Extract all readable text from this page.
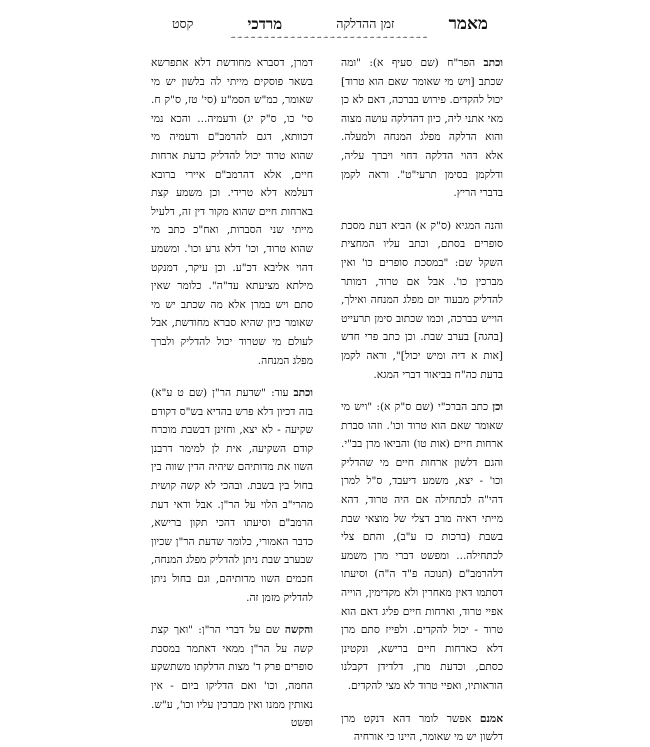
מאמר
זמן ההדלקה
מרדכי
קסט
ܚ ܚ ܚ ܚ ܚ ܚ ܚ ܚ ܚ ܚ ܚ ܚ ܚ ܚ ܚ ܚ ܚ ܚ ܚ ܚ ܚ ܚ ܚ ܚ ܚ ܚ ܚ ܚ ܚ ܚ

וכתב הפר"ח (שם סעיף א): "ומה שכתב [ויש מי שאומר שאם הוא טרוד] יכול להקדים. פירוש בברכה, דאם לא כן מאי אתני ליה, כיון דהדלקה עושה מצוה והוא הדלקה מפלג המנחה ולמעלה. אלא דהוי הדלקה דחוי ויברך עליה, ודלקמן בסימן תרעי"ט". וראה לקמן בדברי הריץ.

והנה המגיא (ס"ק א) הביא דעת מסכת סופרים בסתם, וכתב עליו המחצית השקל שם: "במסכת סופרים כו' ואין מברכין כו'. אבל אם טרוד, דמותר להדליק מבעוד יום מפלג המנחה ואילך, הוייש בברכה, וכמו שכתוב סימן תרעייט [בהגה] בערב שבת. וכן כתב פרי חדש [אות א דיה ומיש יכול]", וראה לקמן בדעת כה"ח בביאור דברי המגא.

וכן כתב הברכ"י (שם ס"ק א): "ויש מי שאומר שאם הוא טרוד וכו'. וזהו סברת ארחות חיים (אות טו) והביאו מרן בב"י. והגם דלשון ארחות חיים מי שהדליק וכו' - יצא, משמע דיעבד, ס"ל למרן דהי"ה לכתחילה אם היה טרוד, דהא מייתי ראיה מרב דצלי של מוצאי שבת בשבת (ברכות כז ע"ב), והתם צלי לכתחילה... ומפשט דברי מרן משמע דלהרמב"ם (תנוכה פ"ד ה"ה) וסיעתו דסתמו דאין מאחרין ולא מקדימין, הוייה אפיי טרוד, וארחות חיים פליג דאם הוא טרוד - יכול להקדים. ולפייז סתם מרן דלא כארחות חיים ברישא, ונקטינן כסתם, וכדעת מרן, דלדידן דקבלנו הוראותיו, ואפיי טרוד לא מצי להקדים.

אמנם אפשר לומר דהא דנקט מרן דלשון יש מי שאומר, היינו כי אורחיה

דמרן, דסברא מחודשת דלא אתפרשא בשאר פוסקים מייתי לה בלשון יש מי שאומר, כמ"ש הסמ"ע (סי' טז, ס"ק ח. סי' כו, ס"ק יג) ודעמיה... והכא נמי דכוותא, דגם להרמב"ם ודעמיה מי שהוא טרוד יכול להדליק כדעת ארחות חיים, אלא דהרמב"ם איירי ברובא דעלמא דלא טרידי. וכן משמע קצת בארחות חיים שהוא מקור דין זה, דלעיל מייתי שני הסברות, ואח"כ כתב מי שהוא טרוד, וכו' דלא גרע וכו'. ומשמע דהוי אליבא דכ"ע. וכן עיקר, דמנקט מילתא מציעתא עד"ה". כלומר שאין סתם ויש במרן אלא מה שכתב יש מי שאומר כיון שהיא סברא מחודשת, אבל לעולם מי שטרוד יכול להדליק ולברך מפלג המנחה.

וכתב עוד: "שדעת הר"ן (שם ט ע"א) בזה דכיון דלא פרש בהדיא בש"ס דקודם שקיעה - לא יצא, וחזינן דבשבת מוכרח קודם השקיעה, אית לן למימר דרבנן השוו את מדותיהם שיהיה הדין שווה בין בחול בין בשבת. ובהכי לא קשה קושית מהרי"ב הלוי על הר"ן. אבל ודאי דעת הרמב"ם וסיעתו דהכי תקון ברישא, כדבר האמורי, כלומר שדעת הר"ן שכיון שבערב שבת ניתן להדליק מפלג המנחה, חכמים השוו מדותיהם, וגם בחול ניתן להדליק מזמן זה.

והקשה שם על דברי הר"ן: "ואך קצת קשה על הר"ן ממאי דאתמר במסכת סופרים פרק ד' מצות הדלקתו משתשקע החמה, וכו' ואם הדליקו ביום - אין נאותין ממנו ואין מברכין עליו וכו', ע"ש. ופשט
